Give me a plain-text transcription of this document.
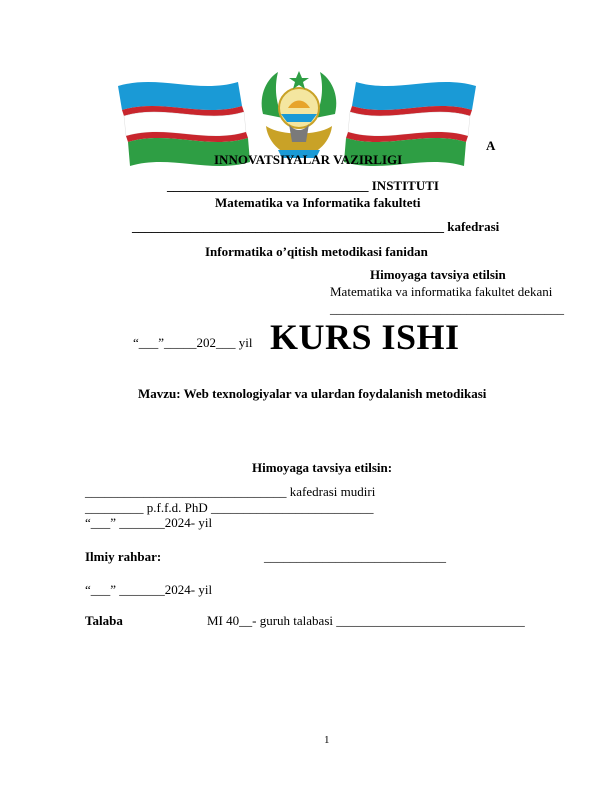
A
INNOVATSIYALAR VAZIRLIGI
_______________________________ INSTITUTI
Matematika va Informatika fakulteti
________________________________________________ kafedrasi
Informatika o’qitish metodikasi fanidan
Himoyaga tavsiya etilsin
Matematika va informatika fakultet dekani
____________________________________
“___”_____202___ yil KURS ISHI
Mavzu: Web texnologiyalar va ulardan foydalanish metodikasi
Himoyaga tavsiya etilsin:
_______________________________ kafedrasi mudiri
_________ p.f.f.d. PhD _________________________
“___” _______2024- yil
Ilmiy rahbar:	____________________________
“___” _______2024- yil
Talaba	MI 40__- guruh talabasi _____________________________
1
